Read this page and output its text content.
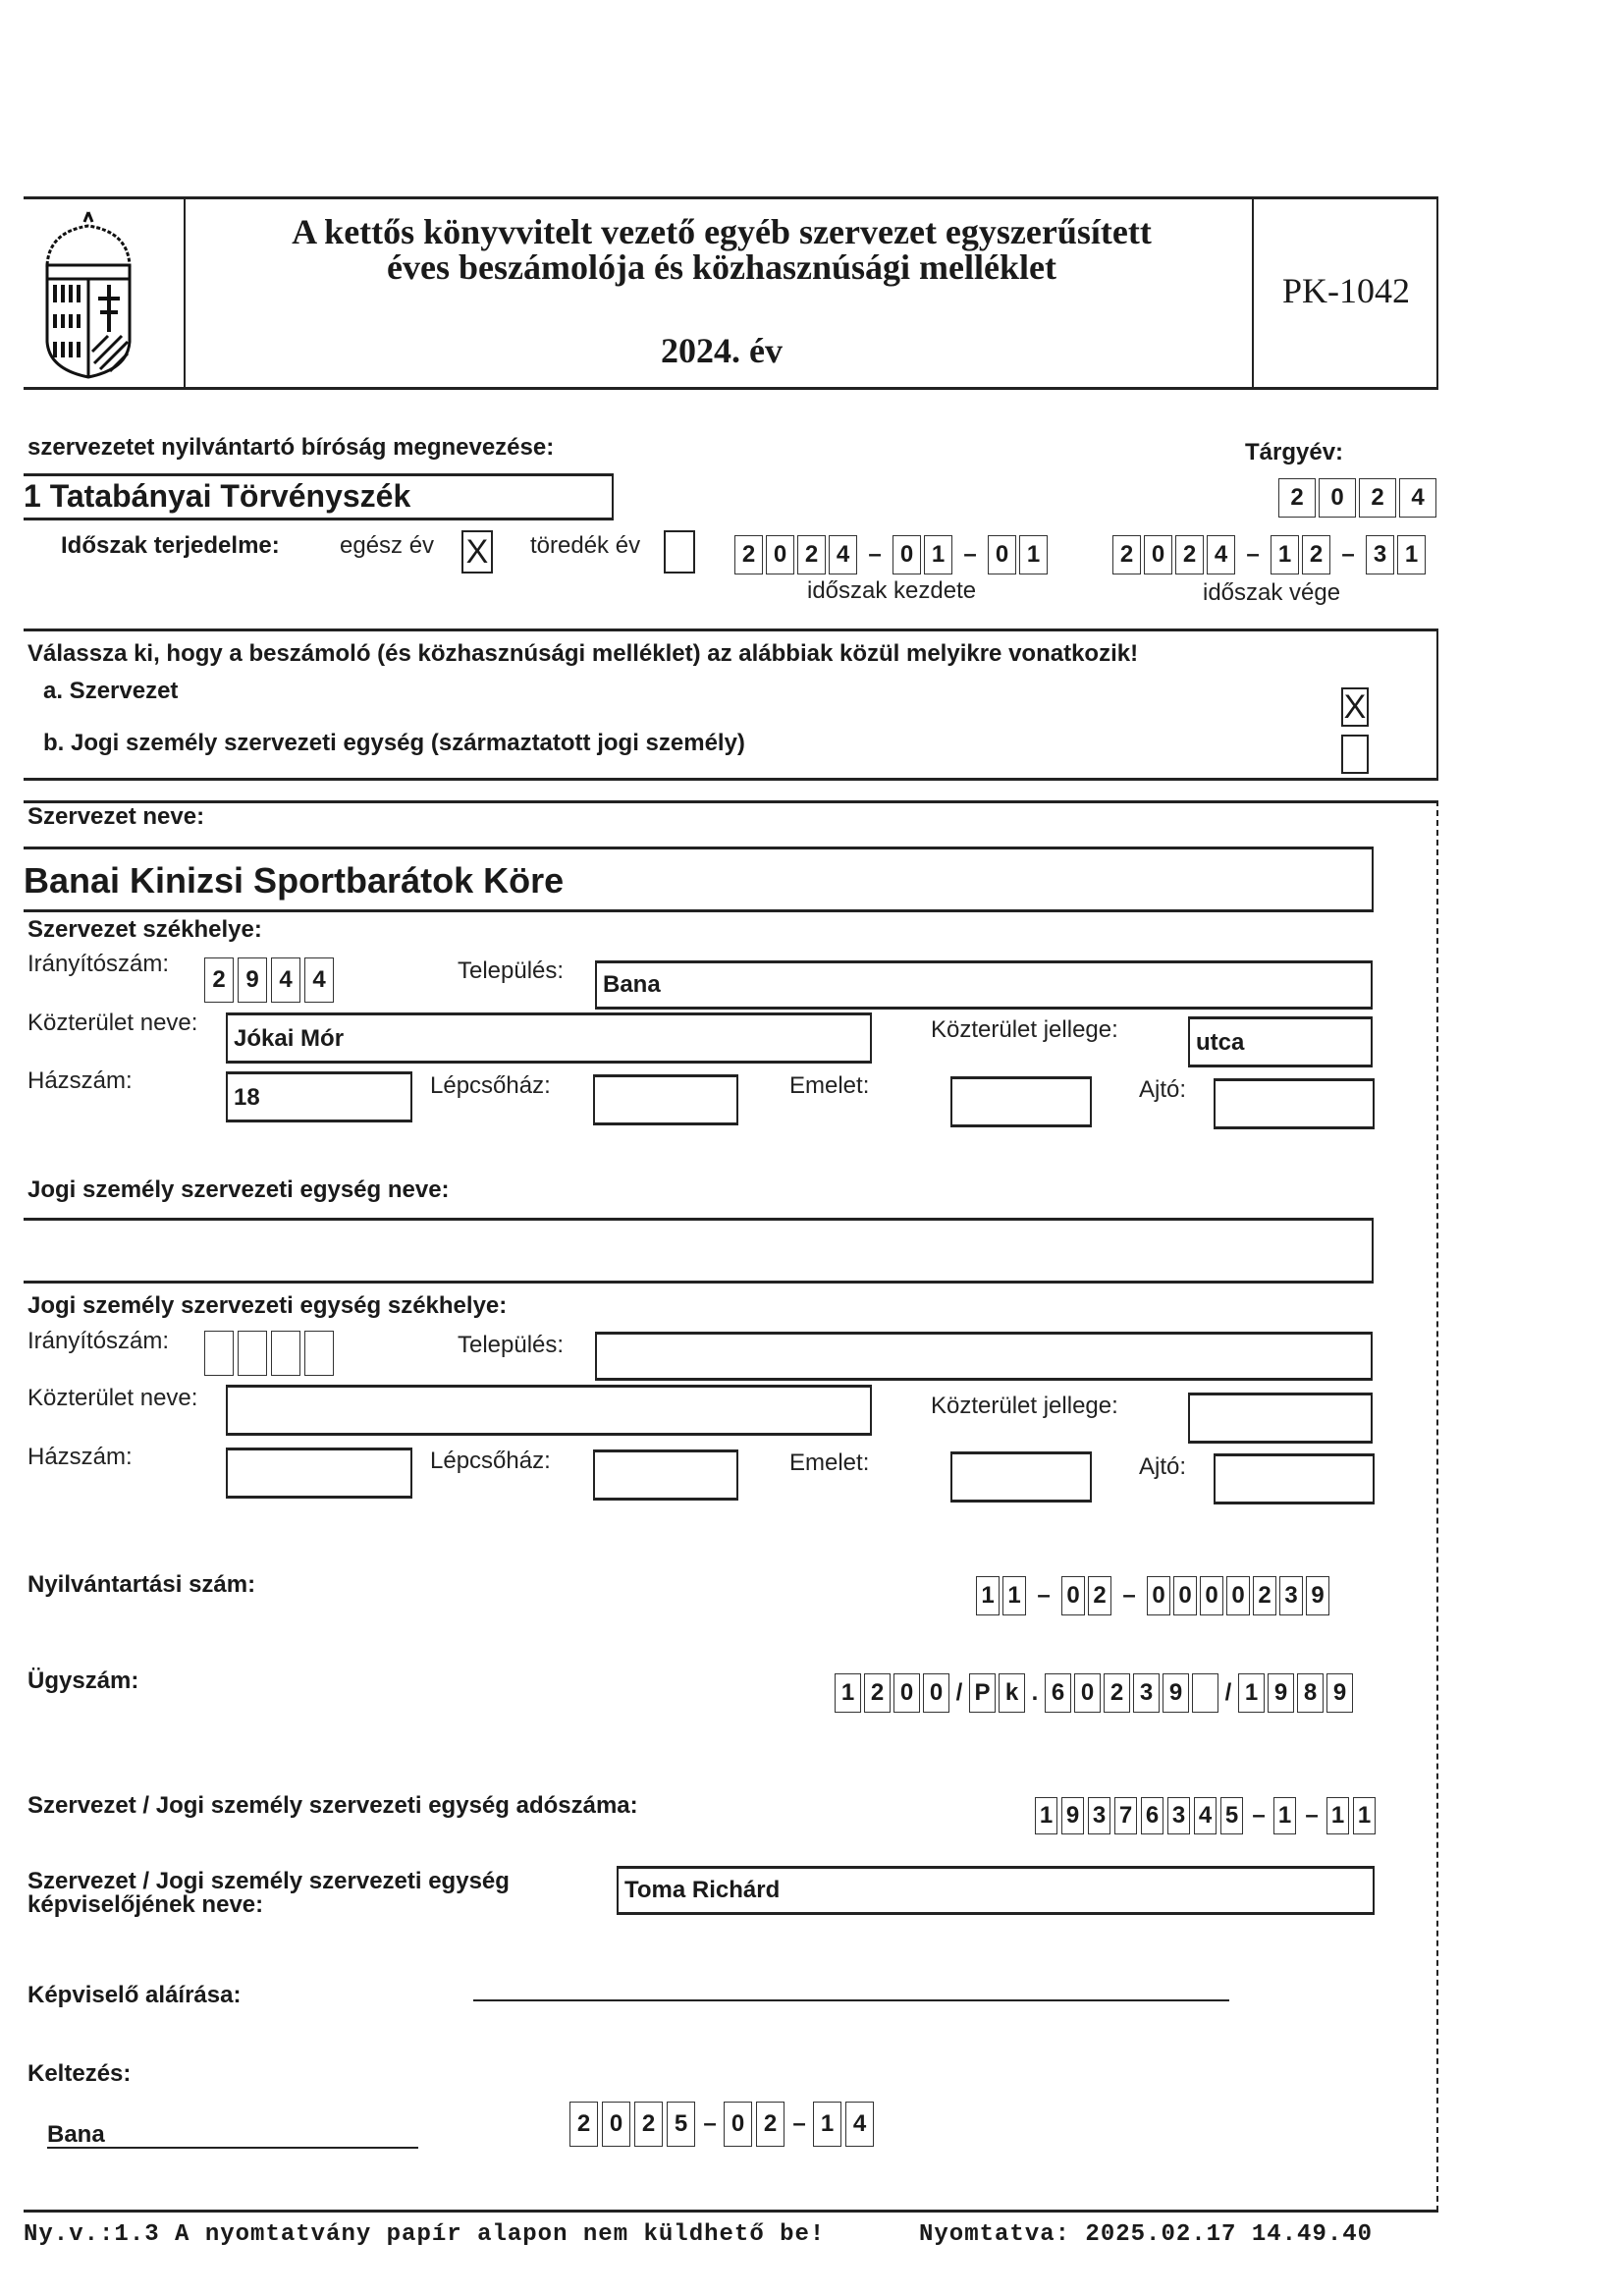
A kettős könyvvitelt vezető egyéb szervezet egyszerűsített
éves beszámolója és közhasznúsági melléklet
2024. év
PK-1042
szervezetet nyilvántartó bíróság megnevezése:	Tárgyév:
1 Tatabányai Törvényszék	2	0	2	4
Időszak terjedelme:	egész év X töredék év	2 0 2 4 – 0 1 – 0 1
időszak kezdete
2 0 2 4 – 1 2 – 3 1
időszak vége
Válassza ki, hogy a beszámoló (és közhasznúsági melléklet) az alábbiak közül melyikre vonatkozik!
a. Szervezet	X
b. Jogi személy szervezeti egység (származtatott jogi személy)
Szervezet neve:
Banai Kinizsi Sportbarátok Köre
Szervezet székhelye:
Irányítószám:
2 9 4 4	Település:
Bana
Közterület neve:
Jókai Mór	Közterület jellege:	utca
Házszám:
18	Lépcsőház:	Emelet:	Ajtó:
Jogi személy szervezeti egység neve:
Jogi személy szervezeti egység székhelye:
Irányítószám:	Település:
Közterület neve:	Közterület jellege:
Házszám:	Lépcsőház:	Emelet:	Ajtó:
Nyilvántartási szám:	1 1 – 0 2 – 0 0 0 0 2 3 9
Ügyszám:	1 2 0 0 / P k . 6 0 2 3 9 / 1 9 8 9
Szervezet / Jogi személy szervezeti egység adószáma:	1 9 3 7 6 3 4 5 – 1 – 1 1
Szervezet / Jogi személy szervezeti egység
képviselőjének neve:
Toma Richárd
Képviselő aláírása:
Keltezés:
Bana	2 0 2 5 – 0 2 – 1 4
Ny.v.:1.3 A nyomtatvány papír alapon nem küldhető be!	Nyomtatva: 2025.02.17 14.49.40
